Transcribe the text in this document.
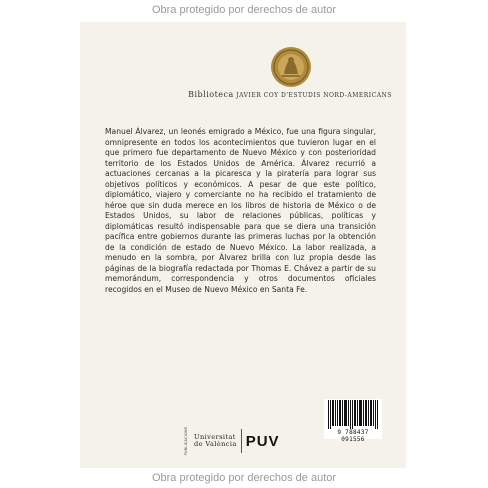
Obra protegido por derechos de autor
Biblioteca JAVIER COY D'ESTUDIS NORD-AMERICANS
Manuel Álvarez, un leonés emigrado a México, fue una figura singular, omnipresente en todos los acontecimientos que tuvieron lugar en el que primero fue departamento de Nuevo México y con posterioridad territorio de los Estados Unidos de América. Álvarez recurrió a actuaciones cercanas a la picaresca y la piratería para lograr sus objetivos políticos y económicos. A pesar de que este político, diplomático, viajero y comerciante no ha recibido el tratamiento de héroe que sin duda merece en los libros de historia de México o de Estados Unidos, su labor de relaciones públicas, políticas y diplomáticas resultó indispensable para que se diera una transición pacífica entre gobiernos durante las primeras luchas por la obtención de la condición de estado de Nuevo México. La labor realizada, a menudo en la sombra, por Álvarez brilla con luz propia desde las páginas de la biografía redactada por Thomas E. Chávez a partir de su memorándum, correspondencia y otros documentos oficiales recogidos en el Museo de Nuevo México en Santa Fe.
PUBLICACIONS Universitat
de València PUV	9 788437 091556
Obra protegido por derechos de autor
